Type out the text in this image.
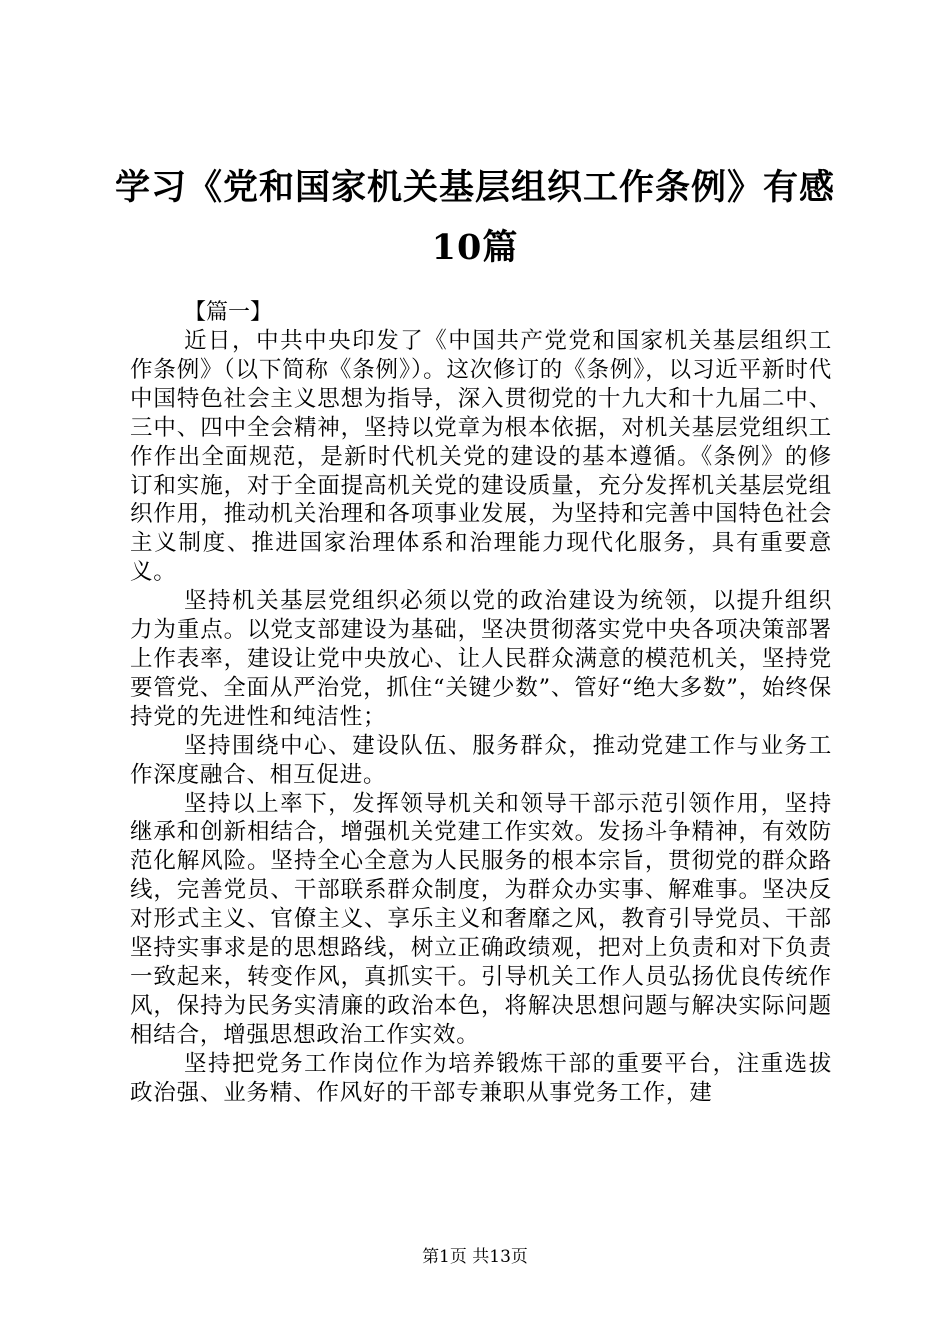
学习《党和国家机关基层组织工作条例》有感
10篇
【篇一】

近日，中共中央印发了《中国共产党党和国家机关基层组织工作条例》（以下简称《条例》）。这次修订的《条例》，以习近平新时代中国特色社会主义思想为指导，深入贯彻党的十九大和十九届二中、三中、四中全会精神，坚持以党章为根本依据，对机关基层党组织工作作出全面规范，是新时代机关党的建设的基本遵循。《条例》的修订和实施，对于全面提高机关党的建设质量，充分发挥机关基层党组织作用，推动机关治理和各项事业发展，为坚持和完善中国特色社会主义制度、推进国家治理体系和治理能力现代化服务，具有重要意义。

坚持机关基层党组织必须以党的政治建设为统领，以提升组织力为重点。以党支部建设为基础，坚决贯彻落实党中央各项决策部署上作表率，建设让党中央放心、让人民群众满意的模范机关，坚持党要管党、全面从严治党，抓住“关键少数”、管好“绝大多数”，始终保持党的先进性和纯洁性；

坚持围绕中心、建设队伍、服务群众，推动党建工作与业务工作深度融合、相互促进。

坚持以上率下，发挥领导机关和领导干部示范引领作用，坚持继承和创新相结合，增强机关党建工作实效。发扬斗争精神，有效防范化解风险。坚持全心全意为人民服务的根本宗旨，贯彻党的群众路线，完善党员、干部联系群众制度，为群众办实事、解难事。坚决反对形式主义、官僚主义、享乐主义和奢靡之风，教育引导党员、干部坚持实事求是的思想路线，树立正确政绩观，把对上负责和对下负责一致起来，转变作风，真抓实干。引导机关工作人员弘扬优良传统作风，保持为民务实清廉的政治本色，将解决思想问题与解决实际问题相结合，增强思想政治工作实效。

坚持把党务工作岗位作为培养锻炼干部的重要平台，注重选拔政治强、业务精、作风好的干部专兼职从事党务工作，建

第1页 共13页
